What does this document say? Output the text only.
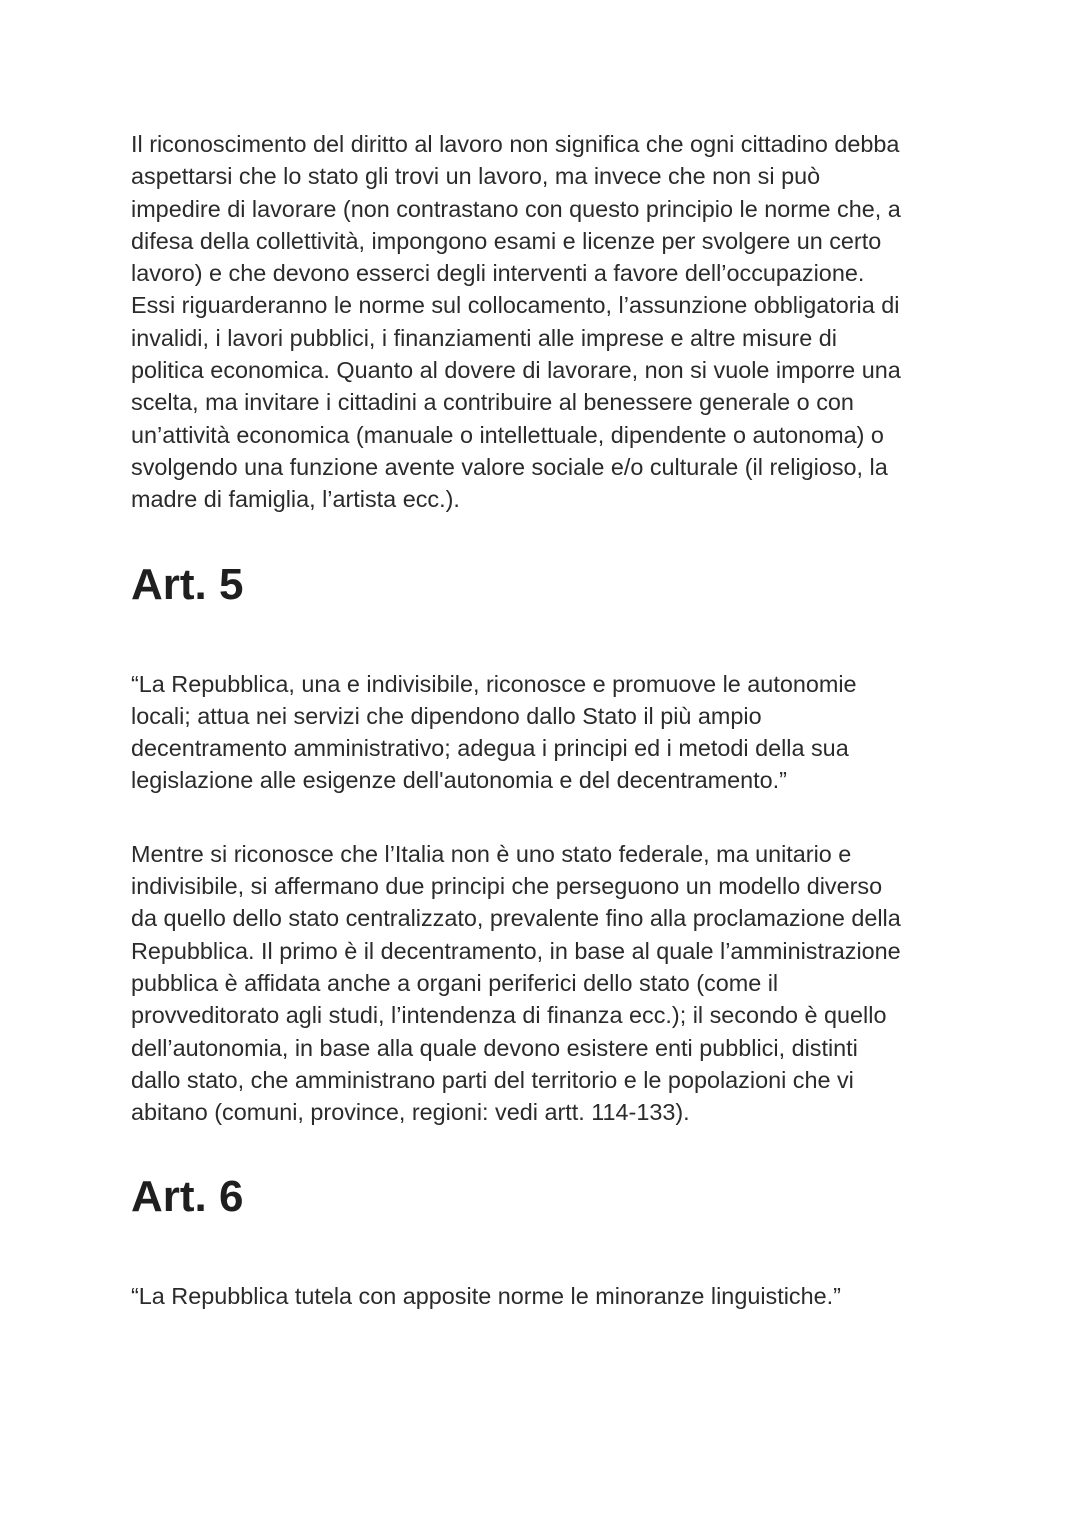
Il riconoscimento del diritto al lavoro non significa che ogni cittadino debba
aspettarsi che lo stato gli trovi un lavoro, ma invece che non si può
impedire di lavorare (non contrastano con questo principio le norme che, a
difesa della collettività, impongono esami e licenze per svolgere un certo
lavoro) e che devono esserci degli interventi a favore dell’occupazione.
Essi riguarderanno le norme sul collocamento, l’assunzione obbligatoria di
invalidi, i lavori pubblici, i finanziamenti alle imprese e altre misure di
politica economica. Quanto al dovere di lavorare, non si vuole imporre una
scelta, ma invitare i cittadini a contribuire al benessere generale o con
un’attività economica (manuale o intellettuale, dipendente o autonoma) o
svolgendo una funzione avente valore sociale e/o culturale (il religioso, la
madre di famiglia, l’artista ecc.).

Art. 5

“La Repubblica, una e indivisibile, riconosce e promuove le autonomie
locali; attua nei servizi che dipendono dallo Stato il più ampio
decentramento amministrativo; adegua i principi ed i metodi della sua
legislazione alle esigenze dell'autonomia e del decentramento.”

Mentre si riconosce che l’Italia non è uno stato federale, ma unitario e
indivisibile, si affermano due principi che perseguono un modello diverso
da quello dello stato centralizzato, prevalente fino alla proclamazione della
Repubblica. Il primo è il decentramento, in base al quale l’amministrazione
pubblica è affidata anche a organi periferici dello stato (come il
provveditorato agli studi, l’intendenza di finanza ecc.); il secondo è quello
dell’autonomia, in base alla quale devono esistere enti pubblici, distinti
dallo stato, che amministrano parti del territorio e le popolazioni che vi
abitano (comuni, province, regioni: vedi artt. 114-133).

Art. 6

“La Repubblica tutela con apposite norme le minoranze linguistiche.”
